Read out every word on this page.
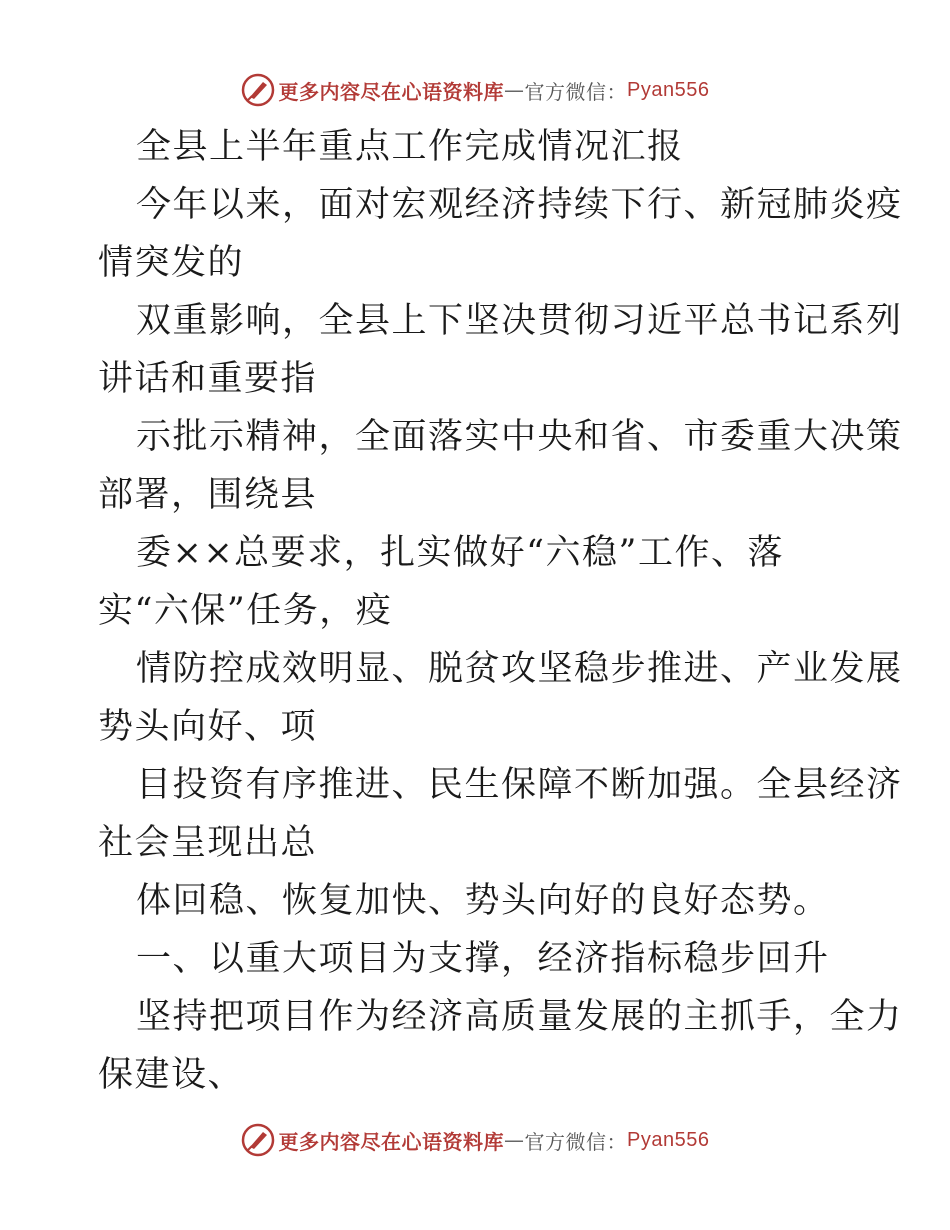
更多内容尽在心语资料库 — 官方微信： Pyan556
全县上半年重点工作完成情况汇报
今年以来，面对宏观经济持续下行、新冠肺炎疫
情突发的
双重影响，全县上下坚决贯彻习近平总书记系列
讲话和重要指
示批示精神，全面落实中央和省、市委重大决策
部署，围绕县
委××总要求，扎实做好“六稳”工作、落
实“六保”任务，疫
情防控成效明显、脱贫攻坚稳步推进、产业发展
势头向好、项
目投资有序推进、民生保障不断加强。全县经济
社会呈现出总
体回稳、恢复加快、势头向好的良好态势。
一、以重大项目为支撑，经济指标稳步回升
坚持把项目作为经济高质量发展的主抓手，全力
保建设、
更多内容尽在心语资料库 — 官方微信： Pyan556
